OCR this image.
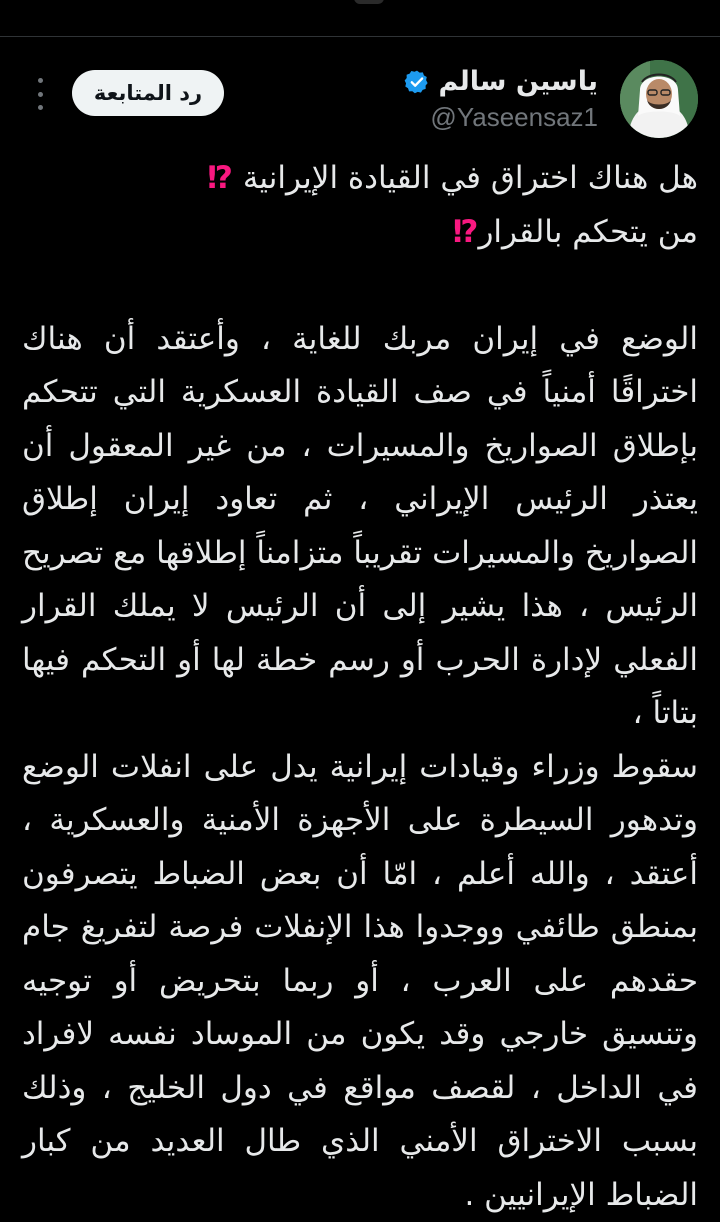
ياسين سالم
@Yaseensaz1
رد المتابعة

هل هناك اختراق في القيادة الإيرانية ⁉

من يتحكم بالقرار⁉

الوضع في إيران مربك للغاية ، وأعتقد أن هناك اختراقًا أمنياً في صف القيادة العسكرية التي تتحكم بإطلاق الصواريخ والمسيرات ، من غير المعقول أن يعتذر الرئيس الإيراني ، ثم تعاود إيران إطلاق الصواريخ والمسيرات تقريباً متزامناً إطلاقها مع تصريح الرئيس ، هذا يشير إلى أن الرئيس لا يملك القرار الفعلي لإدارة الحرب أو رسم خطة لها أو التحكم فيها بتاتاً ،

سقوط وزراء وقيادات إيرانية يدل على انفلات الوضع وتدهور السيطرة على الأجهزة الأمنية والعسكرية ، أعتقد ، والله أعلم ، امّا أن بعض الضباط يتصرفون بمنطق طائفي ووجدوا هذا الإنفلات فرصة لتفريغ جام حقدهم على العرب ، أو ربما بتحريض أو توجيه وتنسيق خارجي وقد يكون من الموساد نفسه لافراد في الداخل ، لقصف مواقع في دول الخليج ، وذلك بسبب الاختراق الأمني الذي طال العديد من كبار الضباط الإيرانيين .
